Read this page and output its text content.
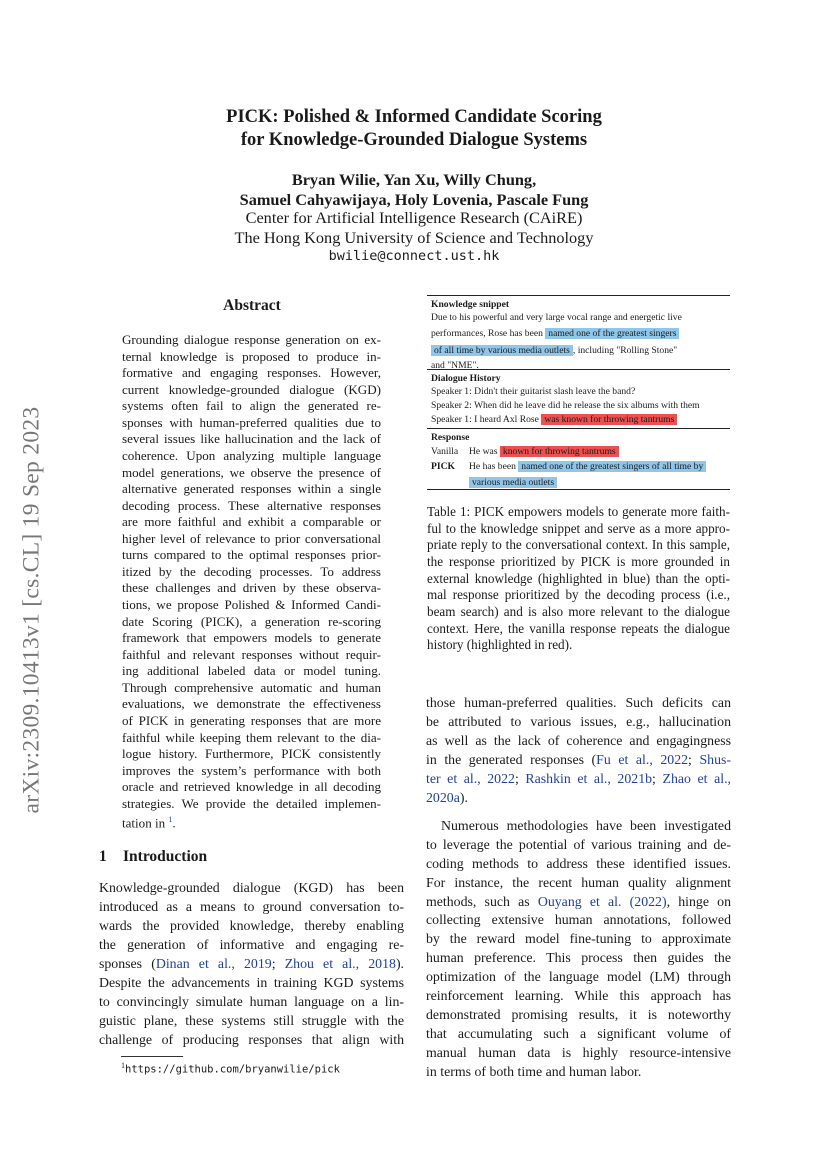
arXiv:2309.10413v1 [cs.CL] 19 Sep 2023
PICK: Polished & Informed Candidate Scoring
for Knowledge-Grounded Dialogue Systems
Bryan Wilie, Yan Xu, Willy Chung,
Samuel Cahyawijaya, Holy Lovenia, Pascale Fung
Center for Artificial Intelligence Research (CAiRE)
The Hong Kong University of Science and Technology
bwilie@connect.ust.hk
Abstract
Grounding dialogue response generation on ex-
ternal knowledge is proposed to produce in-
formative and engaging responses. However,
current knowledge-grounded dialogue (KGD)
systems often fail to align the generated re-
sponses with human-preferred qualities due to
several issues like hallucination and the lack of
coherence. Upon analyzing multiple language
model generations, we observe the presence of
alternative generated responses within a single
decoding process. These alternative responses
are more faithful and exhibit a comparable or
higher level of relevance to prior conversational
turns compared to the optimal responses prior-
itized by the decoding processes. To address
these challenges and driven by these observa-
tions, we propose Polished & Informed Candi-
date Scoring (PICK), a generation re-scoring
framework that empowers models to generate
faithful and relevant responses without requir-
ing additional labeled data or model tuning.
Through comprehensive automatic and human
evaluations, we demonstrate the effectiveness
of PICK in generating responses that are more
faithful while keeping them relevant to the dia-
logue history. Furthermore, PICK consistently
improves the system’s performance with both
oracle and retrieved knowledge in all decoding
strategies. We provide the detailed implemen-
tation in $^1$.
1 Introduction
Knowledge-grounded dialogue (KGD) has been
introduced as a means to ground conversation to-
wards the provided knowledge, thereby enabling
the generation of informative and engaging re-
sponses (Dinan et al., 2019; Zhou et al., 2018).
Despite the advancements in training KGD systems
to convincingly simulate human language on a lin-
guistic plane, these systems still struggle with the
challenge of producing responses that align with
$^1$https://github.com/bryanwilie/pick
Knowledge snippet
Due to his powerful and very large vocal range and energetic live
performances, Rose has been named one of the greatest singers
of all time by various media outlets , including "Rolling Stone"
and "NME".
Dialogue History
Speaker 1: Didn't their guitarist slash leave the band?
Speaker 2: When did he leave did he release the six albums with them
Speaker 1: I heard Axl Rose was known for throwing tantrums
Response
Vanilla He was known for throwing tantrums
PICK He has been named one of the greatest singers of all time by
various media outlets
Table 1: PICK empowers models to generate more faith-
ful to the knowledge snippet and serve as a more appro-
priate reply to the conversational context. In this sample,
the response prioritized by PICK is more grounded in
external knowledge (highlighted in blue) than the opti-
mal response prioritized by the decoding process (i.e.,
beam search) and is also more relevant to the dialogue
context. Here, the vanilla response repeats the dialogue
history (highlighted in red).
those human-preferred qualities. Such deficits can
be attributed to various issues, e.g., hallucination
as well as the lack of coherence and engagingness
in the generated responses (Fu et al., 2022; Shus-
ter et al., 2022; Rashkin et al., 2021b; Zhao et al.,
2020a).
Numerous methodologies have been investigated
to leverage the potential of various training and de-
coding methods to address these identified issues.
For instance, the recent human quality alignment
methods, such as Ouyang et al. (2022), hinge on
collecting extensive human annotations, followed
by the reward model fine-tuning to approximate
human preference. This process then guides the
optimization of the language model (LM) through
reinforcement learning. While this approach has
demonstrated promising results, it is noteworthy
that accumulating such a significant volume of
manual human data is highly resource-intensive
in terms of both time and human labor.
